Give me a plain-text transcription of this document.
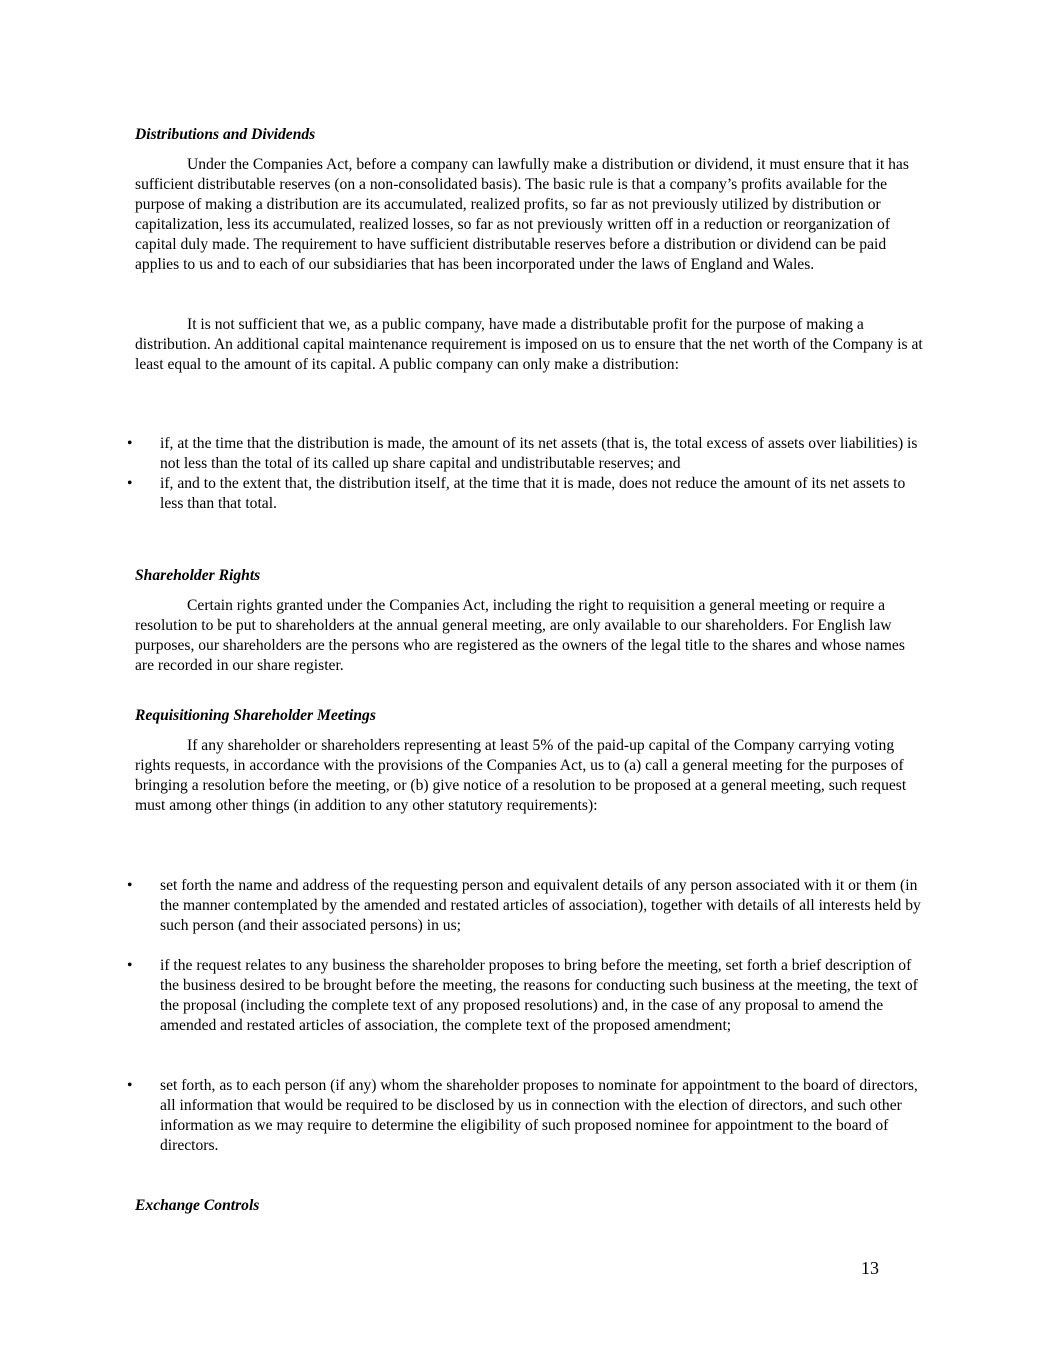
Distributions and Dividends
Under the Companies Act, before a company can lawfully make a distribution or dividend, it must ensure that it has sufficient distributable reserves (on a non-consolidated basis). The basic rule is that a company’s profits available for the purpose of making a distribution are its accumulated, realized profits, so far as not previously utilized by distribution or capitalization, less its accumulated, realized losses, so far as not previously written off in a reduction or reorganization of capital duly made. The requirement to have sufficient distributable reserves before a distribution or dividend can be paid applies to us and to each of our subsidiaries that has been incorporated under the laws of England and Wales.
It is not sufficient that we, as a public company, have made a distributable profit for the purpose of making a distribution. An additional capital maintenance requirement is imposed on us to ensure that the net worth of the Company is at least equal to the amount of its capital. A public company can only make a distribution:
•	if, at the time that the distribution is made, the amount of its net assets (that is, the total excess of assets over liabilities) is not less than the total of its called up share capital and undistributable reserves; and
•	if, and to the extent that, the distribution itself, at the time that it is made, does not reduce the amount of its net assets to less than that total.
Shareholder Rights
Certain rights granted under the Companies Act, including the right to requisition a general meeting or require a resolution to be put to shareholders at the annual general meeting, are only available to our shareholders. For English law purposes, our shareholders are the persons who are registered as the owners of the legal title to the shares and whose names are recorded in our share register.
Requisitioning Shareholder Meetings
If any shareholder or shareholders representing at least 5% of the paid-up capital of the Company carrying voting rights requests, in accordance with the provisions of the Companies Act, us to (a) call a general meeting for the purposes of bringing a resolution before the meeting, or (b) give notice of a resolution to be proposed at a general meeting, such request must among other things (in addition to any other statutory requirements):
•	set forth the name and address of the requesting person and equivalent details of any person associated with it or them (in the manner contemplated by the amended and restated articles of association), together with details of all interests held by such person (and their associated persons) in us;
•	if the request relates to any business the shareholder proposes to bring before the meeting, set forth a brief description of the business desired to be brought before the meeting, the reasons for conducting such business at the meeting, the text of the proposal (including the complete text of any proposed resolutions) and, in the case of any proposal to amend the amended and restated articles of association, the complete text of the proposed amendment;
•	set forth, as to each person (if any) whom the shareholder proposes to nominate for appointment to the board of directors, all information that would be required to be disclosed by us in connection with the election of directors, and such other information as we may require to determine the eligibility of such proposed nominee for appointment to the board of directors.
Exchange Controls
13
